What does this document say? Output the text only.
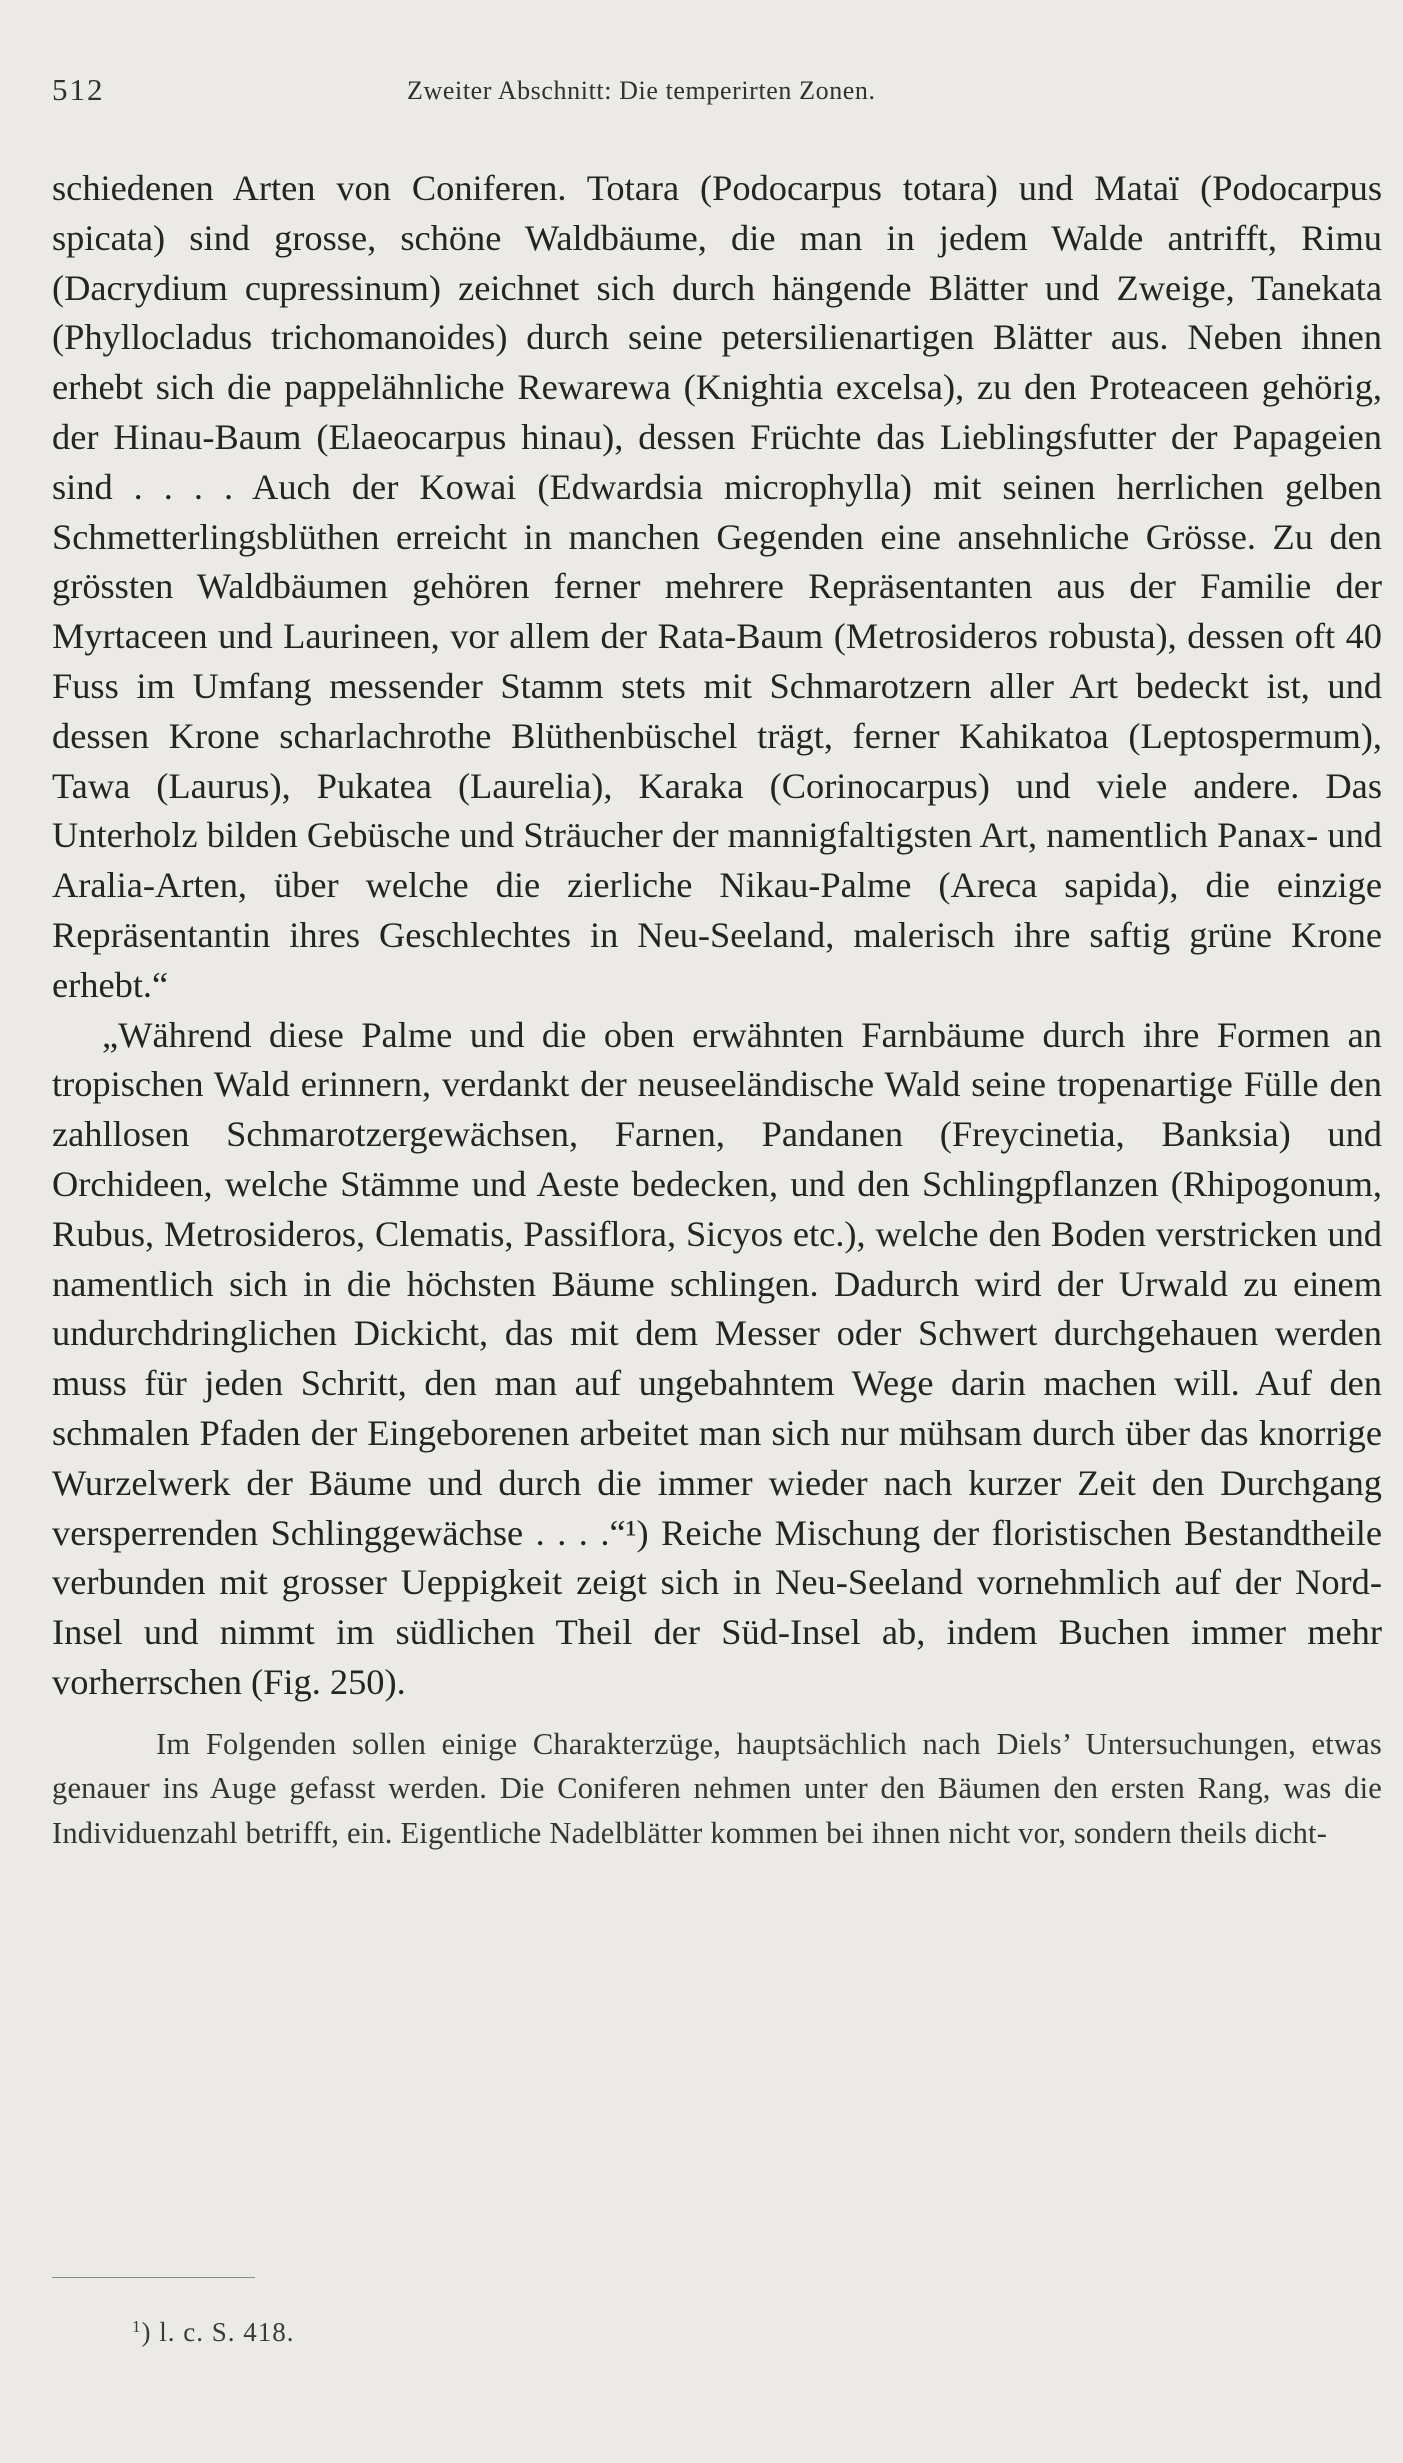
512	Zweiter Abschnitt: Die temperirten Zonen.

schiedenen Arten von Coniferen. Totara (Podocarpus totara) und Mataï (Podocarpus spicata) sind grosse, schöne Waldbäume, die man in jedem Walde antrifft, Rimu (Dacrydium cupressinum) zeichnet sich durch hängende Blätter und Zweige, Tanekata (Phyllocladus trichomanoides) durch seine petersilienartigen Blätter aus. Neben ihnen erhebt sich die pappelähnliche Rewarewa (Knightia excelsa), zu den Proteaceen gehörig, der Hinau-Baum (Elaeocarpus hinau), dessen Früchte das Lieblingsfutter der Papageien sind . . . . Auch der Kowai (Edwardsia microphylla) mit seinen herrlichen gelben Schmetterlingsblüthen erreicht in manchen Gegenden eine ansehnliche Grösse. Zu den grössten Waldbäumen gehören ferner mehrere Repräsentanten aus der Familie der Myrtaceen und Laurineen, vor allem der Rata-Baum (Metrosideros robusta), dessen oft 40 Fuss im Umfang messender Stamm stets mit Schmarotzern aller Art bedeckt ist, und dessen Krone scharlachrothe Blüthenbüschel trägt, ferner Kahikatoa (Leptospermum), Tawa (Laurus), Pukatea (Laurelia), Karaka (Corinocarpus) und viele andere. Das Unterholz bilden Gebüsche und Sträucher der mannigfaltigsten Art, namentlich Panax- und Aralia-Arten, über welche die zierliche Nikau-Palme (Areca sapida), die einzige Repräsentantin ihres Geschlechtes in Neu-Seeland, malerisch ihre saftig grüne Krone erhebt.“

„Während diese Palme und die oben erwähnten Farnbäume durch ihre Formen an tropischen Wald erinnern, verdankt der neuseeländische Wald seine tropenartige Fülle den zahllosen Schmarotzergewächsen, Farnen, Pandanen (Freycinetia, Banksia) und Orchideen, welche Stämme und Aeste bedecken, und den Schlingpflanzen (Rhipogonum, Rubus, Metrosideros, Clematis, Passiflora, Sicyos etc.), welche den Boden verstricken und namentlich sich in die höchsten Bäume schlingen. Dadurch wird der Urwald zu einem undurchdringlichen Dickicht, das mit dem Messer oder Schwert durchgehauen werden muss für jeden Schritt, den man auf ungebahntem Wege darin machen will. Auf den schmalen Pfaden der Eingeborenen arbeitet man sich nur mühsam durch über das knorrige Wurzelwerk der Bäume und durch die immer wieder nach kurzer Zeit den Durchgang versperrenden Schlinggewächse . . . .“¹) Reiche Mischung der floristischen Bestandtheile verbunden mit grosser Ueppigkeit zeigt sich in Neu-Seeland vornehmlich auf der Nord-Insel und nimmt im südlichen Theil der Süd-Insel ab, indem Buchen immer mehr vorherrschen (Fig. 250).

Im Folgenden sollen einige Charakterzüge, hauptsächlich nach Diels’ Untersuchungen, etwas genauer ins Auge gefasst werden. Die Coniferen nehmen unter den Bäumen den ersten Rang, was die Individuenzahl betrifft, ein. Eigentliche Nadelblätter kommen bei ihnen nicht vor, sondern theils dicht-

$^1$) l. c. S. 418.
